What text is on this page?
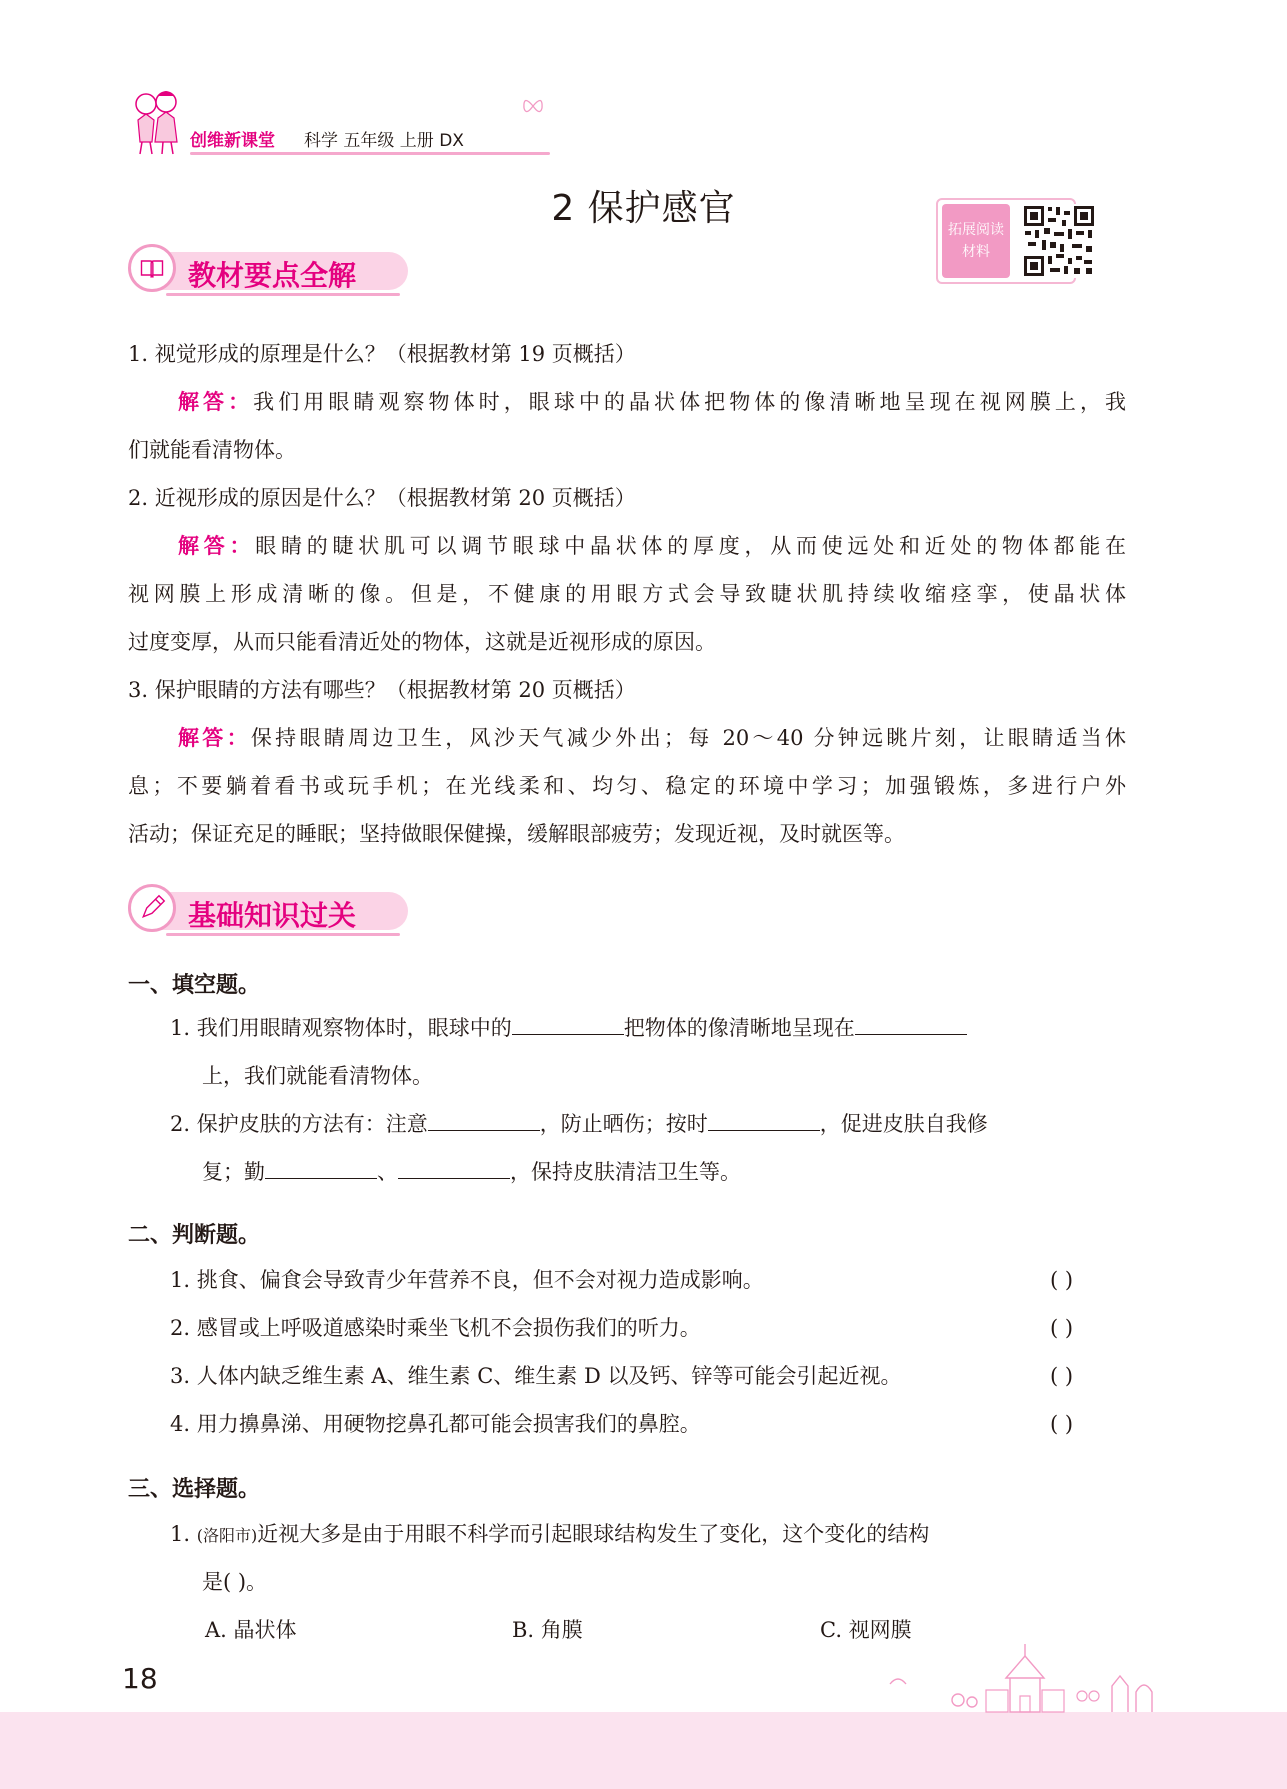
创维新课堂 科学 五年级 上册 DX
2 保护感官
拓展阅读
材料
教材要点全解
1. 视觉形成的原理是什么？（根据教材第 19 页概括）
解答：我们用眼睛观察物体时，眼球中的晶状体把物体的像清晰地呈现在视网膜上，我
们就能看清物体。
2. 近视形成的原因是什么？（根据教材第 20 页概括）
解答：眼睛的睫状肌可以调节眼球中晶状体的厚度，从而使远处和近处的物体都能在
视网膜上形成清晰的像。但是，不健康的用眼方式会导致睫状肌持续收缩痉挛，使晶状体
过度变厚，从而只能看清近处的物体，这就是近视形成的原因。
3. 保护眼睛的方法有哪些？（根据教材第 20 页概括）
解答：保持眼睛周边卫生，风沙天气减少外出；每 20～40 分钟远眺片刻，让眼睛适当休
息；不要躺着看书或玩手机；在光线柔和、均匀、稳定的环境中学习；加强锻炼，多进行户外
活动；保证充足的睡眠；坚持做眼保健操，缓解眼部疲劳；发现近视，及时就医等。
基础知识过关
一、填空题。
1. 我们用眼睛观察物体时，眼球中的	把物体的像清晰地呈现在
上，我们就能看清物体。
2. 保护皮肤的方法有：注意	，防止晒伤；按时	，促进皮肤自我修
复；勤	、	，保持皮肤清洁卫生等。
二、判断题。
1. 挑食、偏食会导致青少年营养不良，但不会对视力造成影响。	( )
2. 感冒或上呼吸道感染时乘坐飞机不会损伤我们的听力。	( )
3. 人体内缺乏维生素 A、维生素 C、维生素 D 以及钙、锌等可能会引起近视。	( )
4. 用力擤鼻涕、用硬物挖鼻孔都可能会损害我们的鼻腔。	( )
三、选择题。
1. (洛阳市)近视大多是由于用眼不科学而引起眼球结构发生了变化，这个变化的结构
是( )。
A. 晶状体	B. 角膜	C. 视网膜
18
